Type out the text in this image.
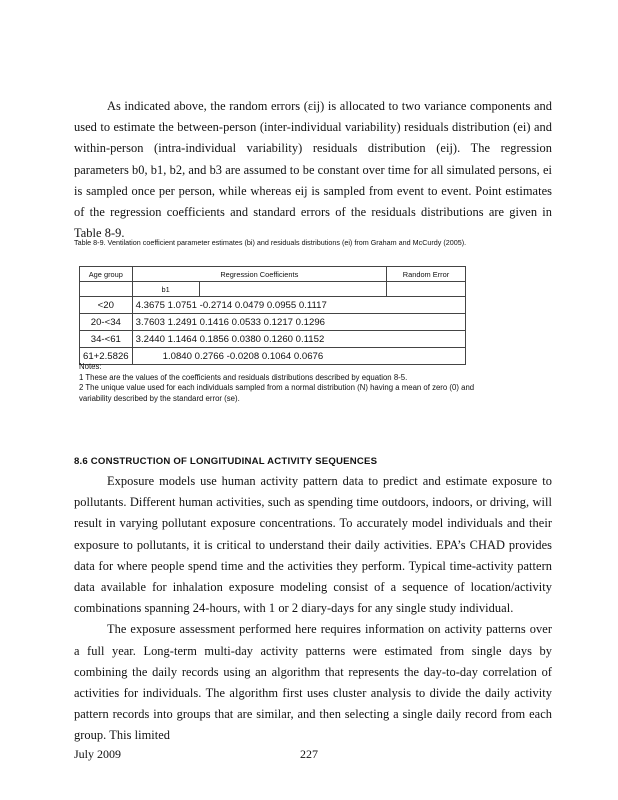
As indicated above, the random errors (εij) is allocated to two variance components and used to estimate the between-person (inter-individual variability) residuals distribution (ei) and within-person (intra-individual variability) residuals distribution (eij). The regression parameters b0, b1, b2, and b3 are assumed to be constant over time for all simulated persons, ei is sampled once per person, while whereas eij is sampled from event to event. Point estimates of the regression coefficients and standard errors of the residuals distributions are given in Table 8-9.

Table 8-9. Ventilation coefficient parameter estimates (bi) and residuals distributions (ei) from Graham and McCurdy (2005).
Age group	Regression Coefficients		Random Error
	b1		
<20	4.3675 1.0751 -0.2714 0.0479 0.0955 0.1117		
20-<34	3.7603 1.2491 0.1416 0.0533 0.1217 0.1296		
34-<61	3.2440 1.1464 0.1856 0.0380 0.1260 0.1152		
61+2.5826	1.0840 0.2766 -0.0208 0.1064 0.0676		

Notes:

1 These are the values of the coefficients and residuals distributions described by equation 8-5.

2 The unique value used for each individuals sampled from a normal distribution (N) having a mean of zero (0) and variability described by the standard error (se).

8.6 CONSTRUCTION OF LONGITUDINAL ACTIVITY SEQUENCES

Exposure models use human activity pattern data to predict and estimate exposure to pollutants. Different human activities, such as spending time outdoors, indoors, or driving, will result in varying pollutant exposure concentrations. To accurately model individuals and their exposure to pollutants, it is critical to understand their daily activities. EPA’s CHAD provides data for where people spend time and the activities they perform. Typical time-activity pattern data available for inhalation exposure modeling consist of a sequence of location/activity combinations spanning 24-hours, with 1 or 2 diary-days for any single study individual.

The exposure assessment performed here requires information on activity patterns over a full year. Long-term multi-day activity patterns were estimated from single days by combining the daily records using an algorithm that represents the day-to-day correlation of activities for individuals. The algorithm first uses cluster analysis to divide the daily activity pattern records into groups that are similar, and then selecting a single daily record from each group. This limited

July 2009	227
